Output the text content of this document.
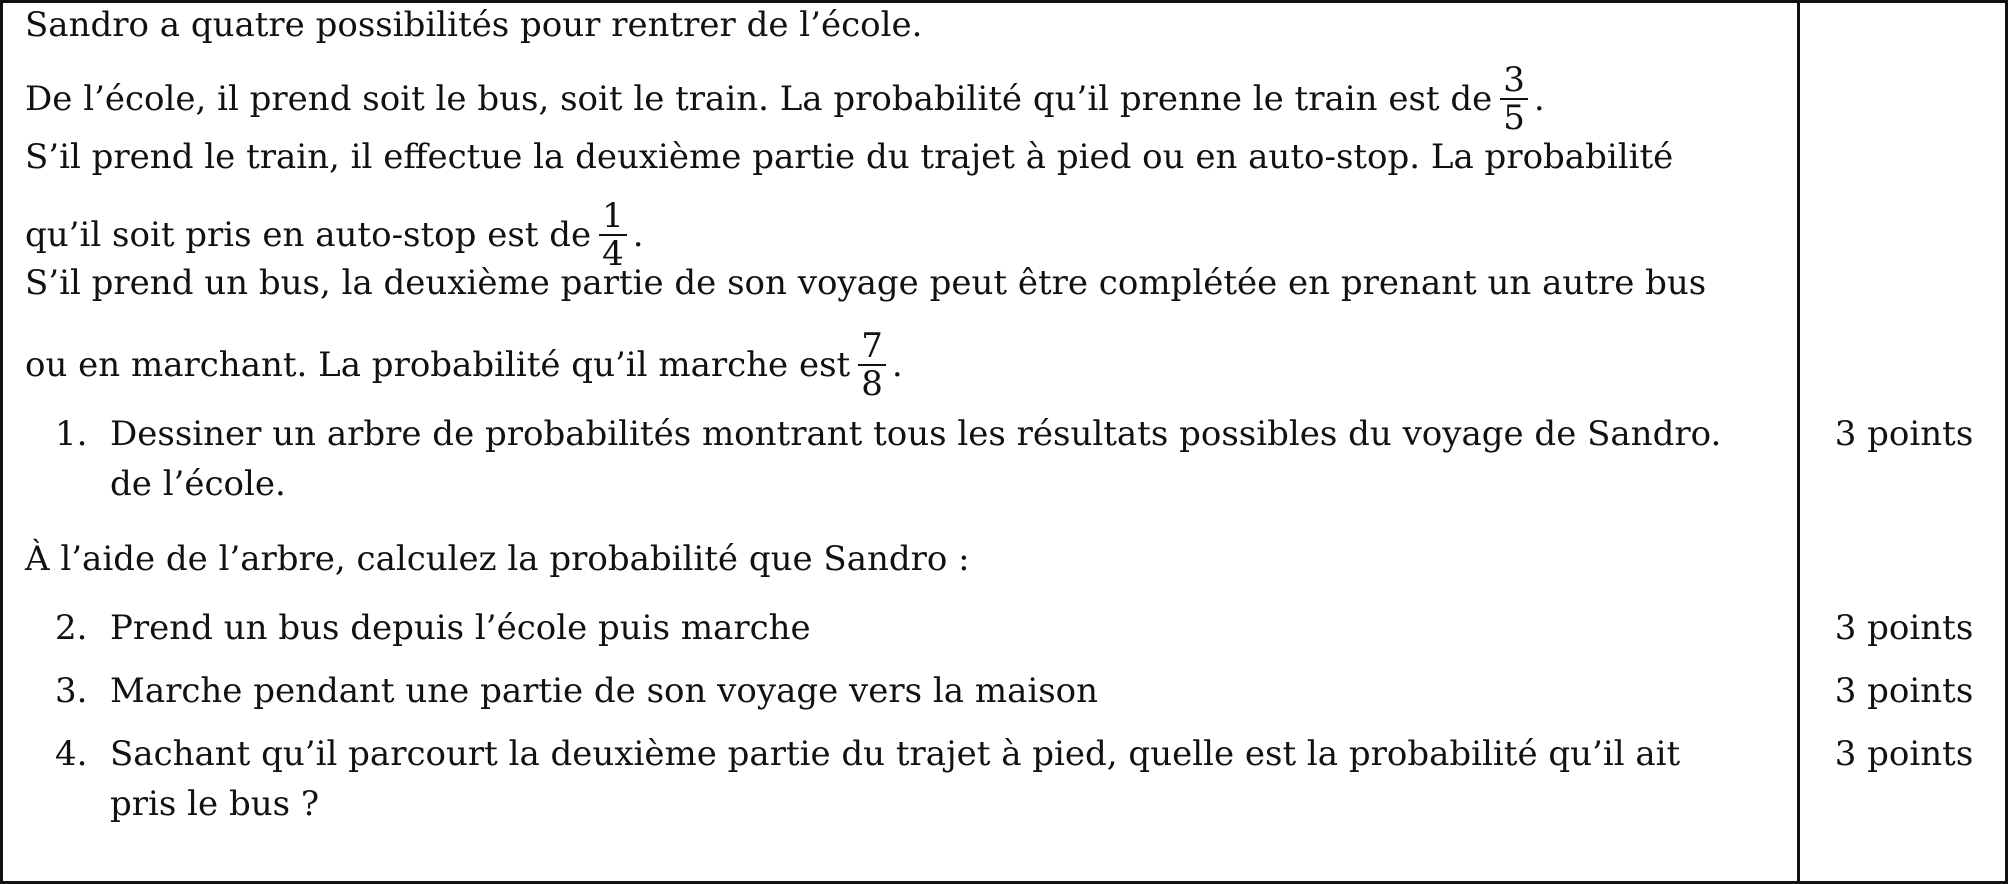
Sandro a quatre possibilités pour rentrer de l’école.
De l’école, il prend soit le bus, soit le train. La probabilité qu’il prenne le train est de $\frac{3}{5}$ .
S’il prend le train, il effectue la deuxième partie du trajet à pied ou en auto-stop. La probabilité
qu’il soit pris en auto-stop est de $\frac{1}{4}$ .
S’il prend un bus, la deuxième partie de son voyage peut être complétée en prenant un autre bus
ou en marchant. La probabilité qu’il marche est $\frac{7}{8}$ .
1. Dessiner un arbre de probabilités montrant tous les résultats possibles du voyage de Sandro.
de l’école.
3 points
À l’aide de l’arbre, calculez la probabilité que Sandro :
2. Prend un bus depuis l’école puis marche	3 points
3. Marche pendant une partie de son voyage vers la maison	3 points
4. Sachant qu’il parcourt la deuxième partie du trajet à pied, quelle est la probabilité qu’il ait
pris le bus ?
3 points
